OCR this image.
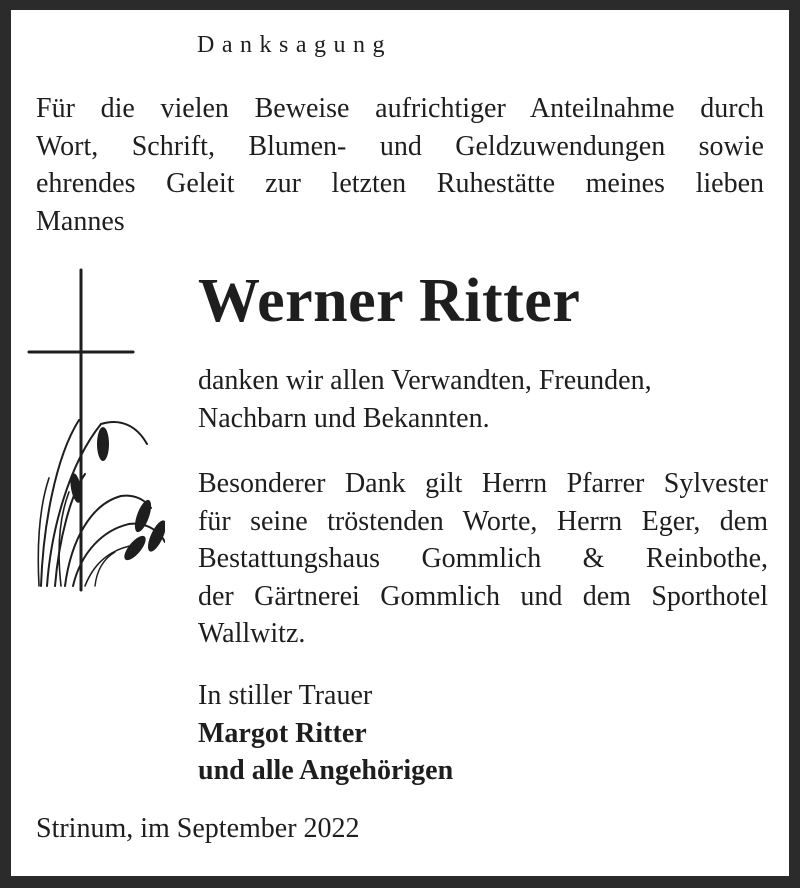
Danksagung
Für die vielen Beweise aufrichtiger Anteilnahme durch
Wort, Schrift, Blumen- und Geldzuwendungen sowie
ehrendes Geleit zur letzten Ruhestätte meines lieben
Mannes
Werner Ritter
danken wir allen Verwandten, Freunden,
Nachbarn und Bekannten.
Besonderer Dank gilt Herrn Pfarrer Sylvester
für seine tröstenden Worte, Herrn Eger, dem
Bestattungshaus Gommlich & Reinbothe,
der Gärtnerei Gommlich und dem Sporthotel
Wallwitz.
In stiller Trauer
Margot Ritter
und alle Angehörigen
Strinum, im September 2022
